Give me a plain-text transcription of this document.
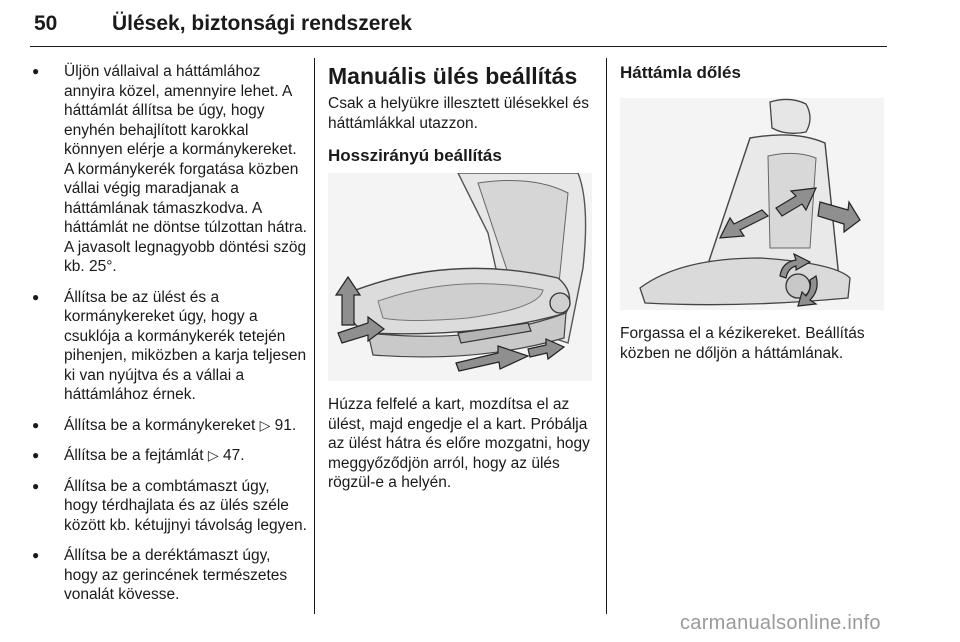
50	Ülések, biztonsági rendszerek
● Üljön vállaival a háttámlához annyira közel, amennyire lehet. A háttámlát állítsa be úgy, hogy enyhén behajlított karokkal könnyen elérje a kormánykereket. A kormánykerék forgatása közben vállai végig maradjanak a háttámlának támaszkodva. A háttámlát ne döntse túlzottan hátra. A javasolt legnagyobb döntési szög kb. 25°.
● Állítsa be az ülést és a kormánykereket úgy, hogy a csuklója a kormánykerék tetején pihenjen, miközben a karja teljesen ki van nyújtva és a vállai a háttámlához érnek.
● Állítsa be a kormánykereket ▷ 91.
● Állítsa be a fejtámlát ▷ 47.
● Állítsa be a combtámaszt úgy, hogy térdhajlata és az ülés széle között kb. kétujjnyi távolság legyen.
● Állítsa be a deréktámaszt úgy, hogy az gerincének természetes vonalát kövesse.
Manuális ülés beállítás

Csak a helyükre illesztett ülésekkel és háttámlákkal utazzon.

Hosszirányú beállítás

Húzza felfelé a kart, mozdítsa el az ülést, majd engedje el a kart. Próbálja az ülést hátra és előre mozgatni, hogy meggyőződjön arról, hogy az ülés rögzül-e a helyén.

Háttámla dőlés

Forgassa el a kézikereket. Beállítás közben ne dőljön a háttámlának.

carmanualsonline.info
